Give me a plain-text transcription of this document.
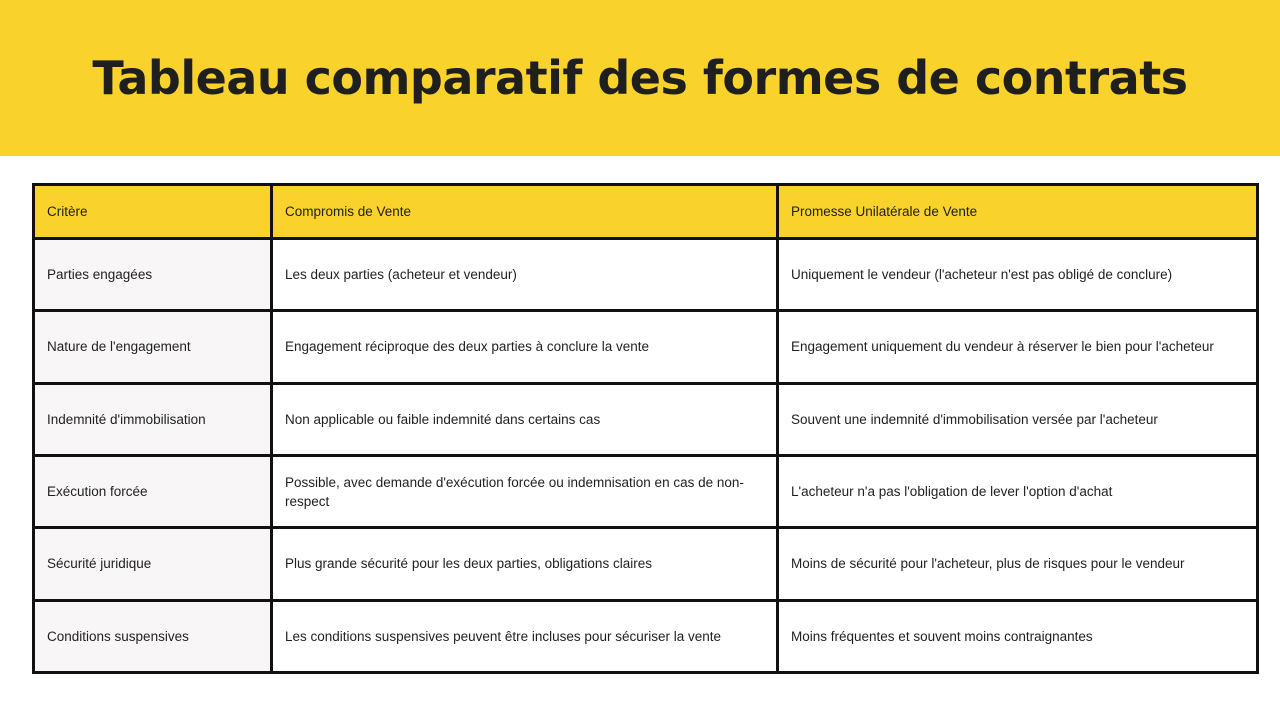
Tableau comparatif des formes de contrats
Critère	Compromis de Vente	Promesse Unilatérale de Vente
Parties engagées	Les deux parties (acheteur et vendeur)	Uniquement le vendeur (l'acheteur n'est pas obligé de conclure)
Nature de l'engagement	Engagement réciproque des deux parties à conclure la vente	Engagement uniquement du vendeur à réserver le bien pour l'acheteur
Indemnité d'immobilisation	Non applicable ou faible indemnité dans certains cas	Souvent une indemnité d'immobilisation versée par l'acheteur
Exécution forcée	Possible, avec demande d'exécution forcée ou indemnisation en cas de non-respect	L'acheteur n'a pas l'obligation de lever l'option d'achat
Sécurité juridique	Plus grande sécurité pour les deux parties, obligations claires	Moins de sécurité pour l'acheteur, plus de risques pour le vendeur
Conditions suspensives	Les conditions suspensives peuvent être incluses pour sécuriser la vente	Moins fréquentes et souvent moins contraignantes
